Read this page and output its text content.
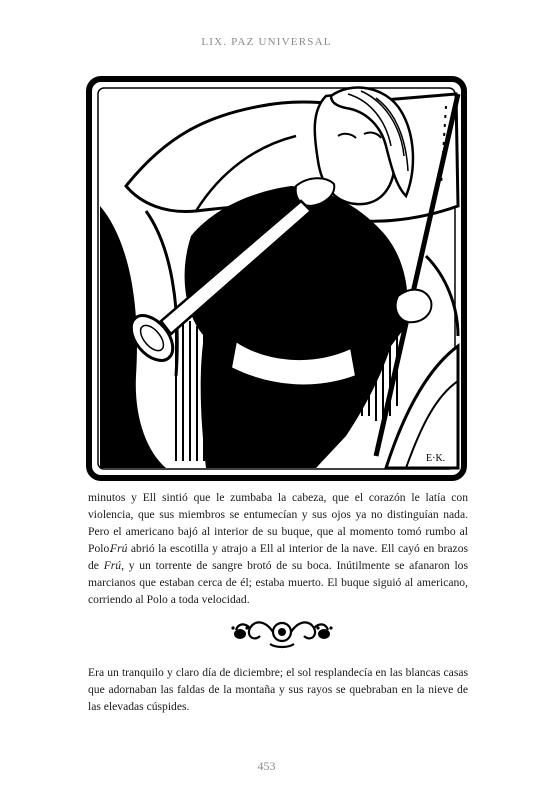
LIX. PAZ UNIVERSAL
E·K.

minutos y Ell sintió que le zumbaba la cabeza, que el corazón le latía con violencia, que sus miembros se entumecían y sus ojos ya no distinguían nada. Pero el americano bajó al interior de su buque, que al momento tomó rumbo al Polo.

Frú abrió la escotilla y atrajo a Ell al interior de la nave. Ell cayó en brazos de Frú, y un torrente de sangre brotó de su boca. Inútilmente se afanaron los marcianos que estaban cerca de él; estaba muerto. El buque siguió al americano, corriendo al Polo a toda velocidad.

Era un tranquilo y claro día de diciembre; el sol resplandecía en las blancas casas que adornaban las faldas de la montaña y sus rayos se quebraban en la nieve de las elevadas cúspides.

453
